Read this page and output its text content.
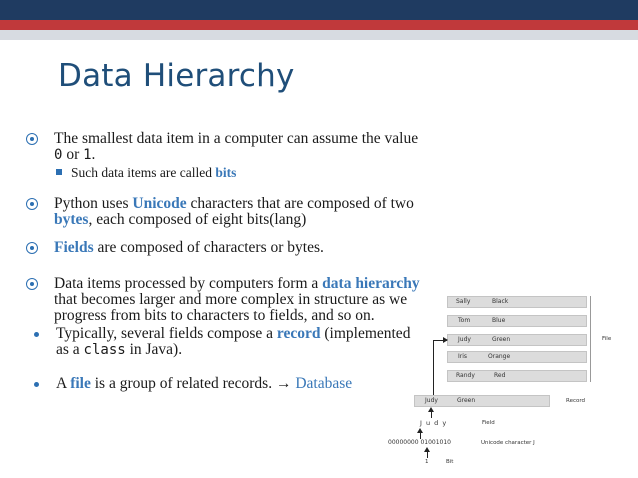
Data Hierarchy
The smallest data item in a computer can assume the value
0 or 1.
Such data items are called bits
Python uses Unicode characters that are composed of two
bytes, each composed of eight bits(lang)
Fields are composed of characters or bytes.
Data items processed by computers form a data hierarchy
that becomes larger and more complex in structure as we
progress from bits to characters to fields, and so on.
Typically, several fields compose a record (implemented
as a class in Java).
A file is a group of related records. → Database
Sally	Black
Tom	Blue
Judy	Green
Iris	Orange
Randy	Red
File
Judy	Green	Record
J u d y	Field
00000000 01001010	Unicode character J
1	Bit
